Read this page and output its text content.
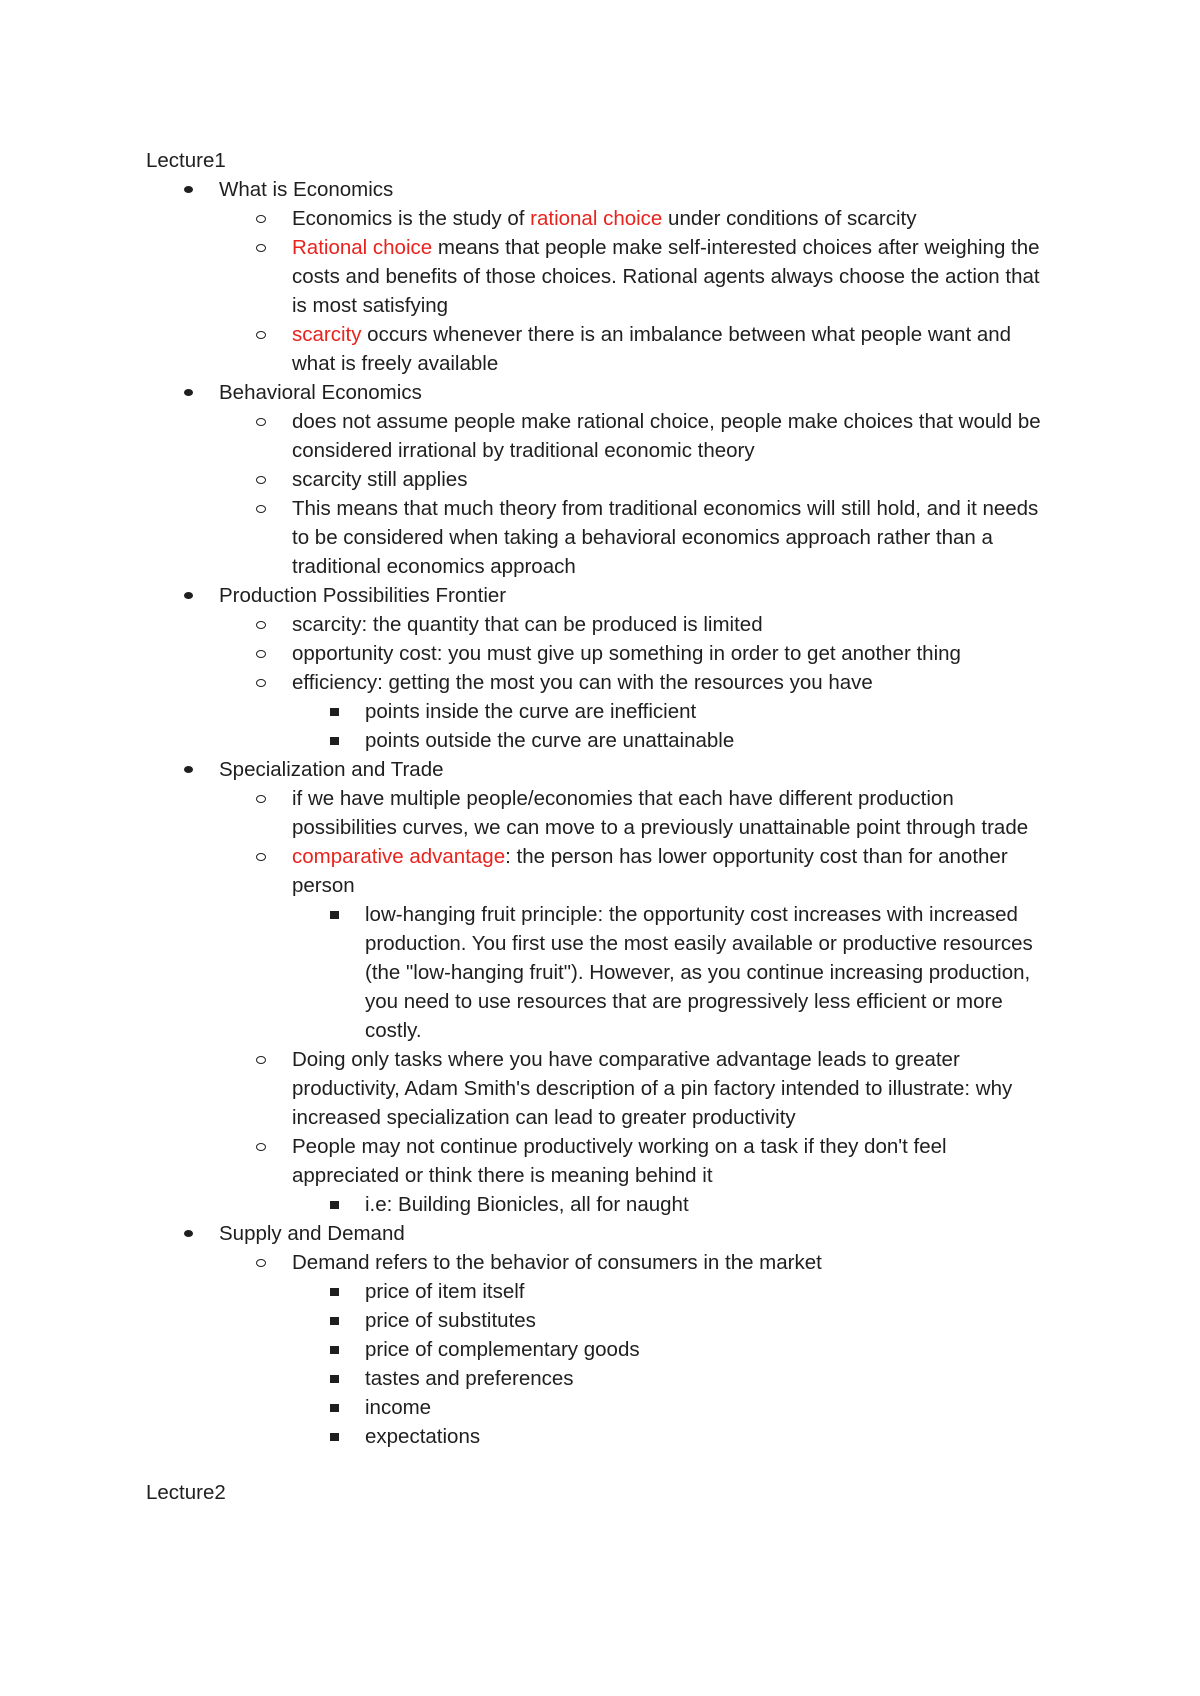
Lecture1
What is Economics
Economics is the study of rational choice under conditions of scarcity
Rational choice means that people make self-interested choices after weighing the costs and benefits of those choices. Rational agents always choose the action that is most satisfying
scarcity occurs whenever there is an imbalance between what people want and what is freely available
Behavioral Economics
does not assume people make rational choice, people make choices that would be considered irrational by traditional economic theory
scarcity still applies
This means that much theory from traditional economics will still hold, and it needs to be considered when taking a behavioral economics approach rather than a traditional economics approach
Production Possibilities Frontier
scarcity: the quantity that can be produced is limited
opportunity cost: you must give up something in order to get another thing
efficiency: getting the most you can with the resources you have
points inside the curve are inefficient
points outside the curve are unattainable
Specialization and Trade
if we have multiple people/economies that each have different production possibilities curves, we can move to a previously unattainable point through trade
comparative advantage: the person has lower opportunity cost than for another person
low-hanging fruit principle: the opportunity cost increases with increased production. You first use the most easily available or productive resources (the "low-hanging fruit"). However, as you continue increasing production, you need to use resources that are progressively less efficient or more costly.
Doing only tasks where you have comparative advantage leads to greater productivity, Adam Smith's description of a pin factory intended to illustrate: why increased specialization can lead to greater productivity
People may not continue productively working on a task if they don't feel appreciated or think there is meaning behind it
i.e: Building Bionicles, all for naught
Supply and Demand
Demand refers to the behavior of consumers in the market
price of item itself
price of substitutes
price of complementary goods
tastes and preferences
income
expectations
Lecture2
